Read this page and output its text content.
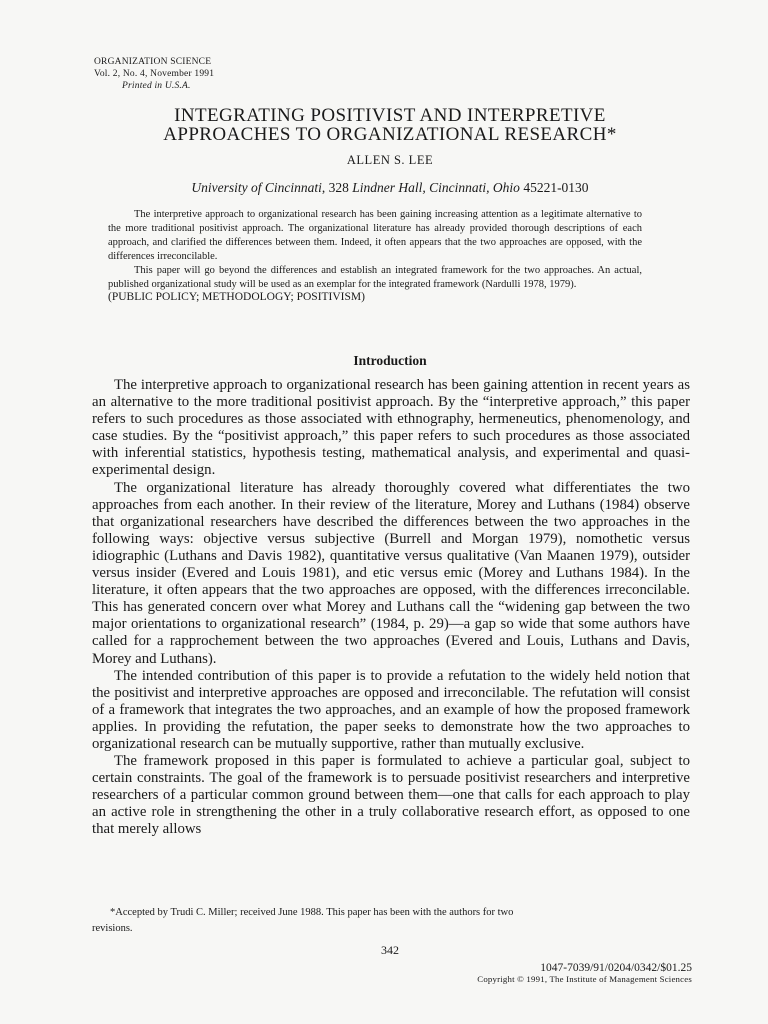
ORGANIZATION SCIENCE
Vol. 2, No. 4, November 1991
Printed in U.S.A.
INTEGRATING POSITIVIST AND INTERPRETIVE
APPROACHES TO ORGANIZATIONAL RESEARCH*
ALLEN S. LEE
University of Cincinnati, 328 Lindner Hall, Cincinnati, Ohio 45221-0130

The interpretive approach to organizational research has been gaining increasing attention as a legitimate alternative to the more traditional positivist approach. The organizational literature has already provided thorough descriptions of each approach, and clarified the differences between them. Indeed, it often appears that the two approaches are opposed, with the differences irreconcilable.

This paper will go beyond the differences and establish an integrated framework for the two approaches. An actual, published organizational study will be used as an exemplar for the integrated framework (Nardulli 1978, 1979).

(PUBLIC POLICY; METHODOLOGY; POSITIVISM)

Introduction

The interpretive approach to organizational research has been gaining attention in recent years as an alternative to the more traditional positivist approach. By the “interpretive approach,” this paper refers to such procedures as those associated with ethnography, hermeneutics, phenomenology, and case studies. By the “positivist approach,” this paper refers to such procedures as those associated with inferential statistics, hypothesis testing, mathematical analysis, and experimental and quasi-experimental design.

The organizational literature has already thoroughly covered what differentiates the two approaches from each another. In their review of the literature, Morey and Luthans (1984) observe that organizational researchers have described the differences between the two approaches in the following ways: objective versus subjective (Burrell and Morgan 1979), nomothetic versus idiographic (Luthans and Davis 1982), quantitative versus qualitative (Van Maanen 1979), outsider versus insider (Evered and Louis 1981), and etic versus emic (Morey and Luthans 1984). In the literature, it often appears that the two approaches are opposed, with the differences irreconcilable. This has generated concern over what Morey and Luthans call the “widening gap between the two major orientations to organizational research” (1984, p. 29)—a gap so wide that some authors have called for a rapprochement between the two approaches (Evered and Louis, Luthans and Davis, Morey and Luthans).

The intended contribution of this paper is to provide a refutation to the widely held notion that the positivist and interpretive approaches are opposed and irreconcilable. The refutation will consist of a framework that integrates the two approaches, and an example of how the proposed framework applies. In providing the refutation, the paper seeks to demonstrate how the two approaches to organizational research can be mutually supportive, rather than mutually exclusive.

The framework proposed in this paper is formulated to achieve a particular goal, subject to certain constraints. The goal of the framework is to persuade positivist researchers and interpretive researchers of a particular common ground between them—one that calls for each approach to play an active role in strengthening the other in a truly collaborative research effort, as opposed to one that merely allows

*Accepted by Trudi C. Miller; received June 1988. This paper has been with the authors for two
revisions.
342
1047-7039/91/0204/0342/$01.25
Copyright © 1991, The Institute of Management Sciences
